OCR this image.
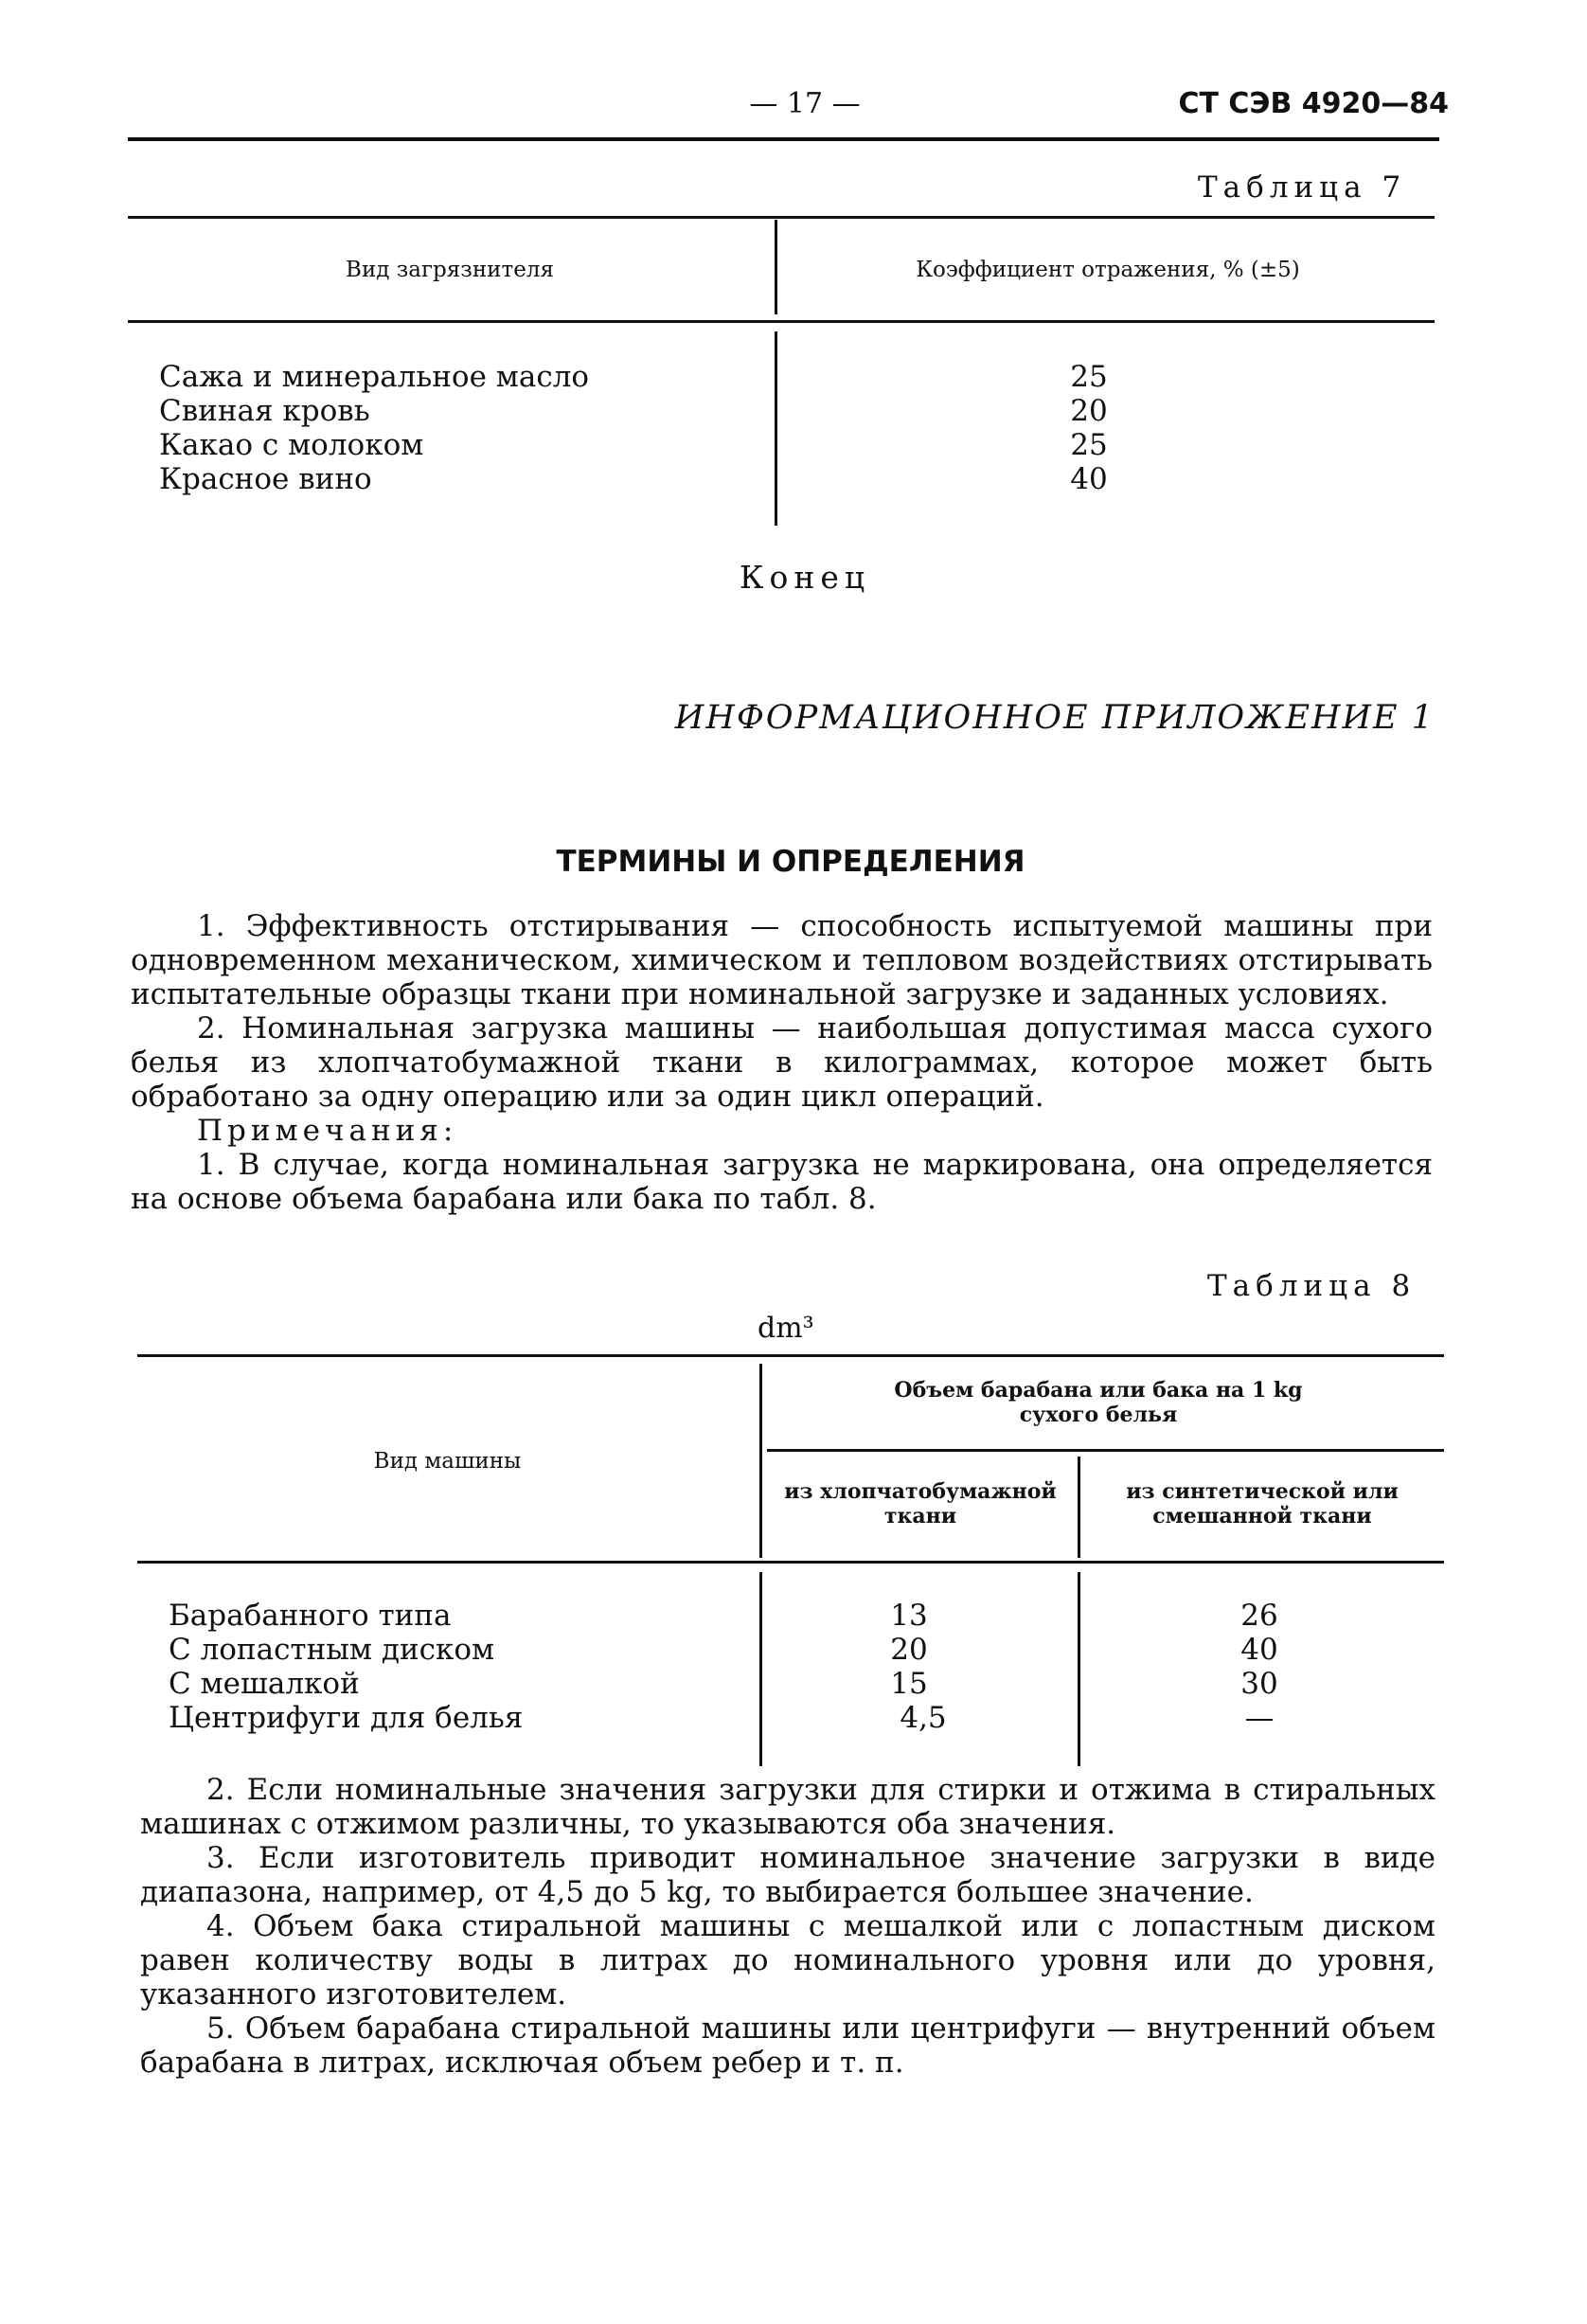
— 17 —	СТ СЭВ 4920—84
Таблица 7
Вид загрязнителя	Коэффициент отражения, % (±5)
Сажа и минеральное масло
Свиная кровь
Какао с молоком
Красное вино
25
20
25
40
Конец
ИНФОРМАЦИОННОЕ ПРИЛОЖЕНИЕ 1
ТЕРМИНЫ И ОПРЕДЕЛЕНИЯ
1. Эффективность отстирывания — способность испытуемой машины при одновременном механическом, химическом и тепловом воздействиях отстирывать испытательные образцы ткани при номинальной загрузке и заданных условиях.
2. Номинальная загрузка машины — наибольшая допустимая масса сухого белья из хлопчатобумажной ткани в килограммах, которое может быть обработано за одну операцию или за один цикл операций.
Примечания:
1. В случае, когда номинальная загрузка не маркирована, она определяется на основе объема барабана или бака по табл. 8.
Таблица 8
dm³
Вид машины
Объем барабана или бака на 1 kg сухого белья
из хлопчатобумажной ткани
из синтетической или смешанной ткани
Барабанного типа
С лопастным диском
С мешалкой
Центрифуги для белья
13
20
15
4,5
26
40
30
—
2. Если номинальные значения загрузки для стирки и отжима в стиральных машинах с отжимом различны, то указываются оба значения.
3. Если изготовитель приводит номинальное значение загрузки в виде диапазона, например, от 4,5 до 5 kg, то выбирается большее значение.
4. Объем бака стиральной машины с мешалкой или с лопастным диском равен количеству воды в литрах до номинального уровня или до уровня, указанного изготовителем.
5. Объем барабана стиральной машины или центрифуги — внутренний объем барабана в литрах, исключая объем ребер и т. п.
